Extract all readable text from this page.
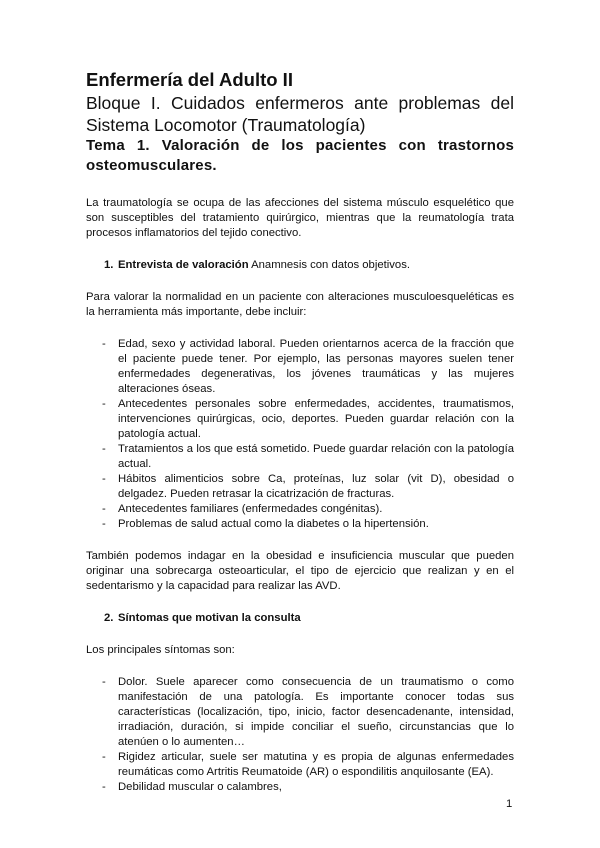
Enfermería del Adulto II
Bloque I. Cuidados enfermeros ante problemas del Sistema Locomotor (Traumatología)
Tema 1. Valoración de los pacientes con trastornos osteomusculares.

La traumatología se ocupa de las afecciones del sistema músculo esquelético que son susceptibles del tratamiento quirúrgico, mientras que la reumatología trata procesos inflamatorios del tejido conectivo.

1. Entrevista de valoración Anamnesis con datos objetivos.

Para valorar la normalidad en un paciente con alteraciones musculoesqueléticas es la herramienta más importante, debe incluir:

- Edad, sexo y actividad laboral. Pueden orientarnos acerca de la fracción que el paciente puede tener. Por ejemplo, las personas mayores suelen tener enfermedades degenerativas, los jóvenes traumáticas y las mujeres alteraciones óseas.
- Antecedentes personales sobre enfermedades, accidentes, traumatismos, intervenciones quirúrgicas, ocio, deportes. Pueden guardar relación con la patología actual.
- Tratamientos a los que está sometido. Puede guardar relación con la patología actual.
- Hábitos alimenticios sobre Ca, proteínas, luz solar (vit D), obesidad o delgadez. Pueden retrasar la cicatrización de fracturas.
- Antecedentes familiares (enfermedades congénitas).
- Problemas de salud actual como la diabetes o la hipertensión.

También podemos indagar en la obesidad e insuficiencia muscular que pueden originar una sobrecarga osteoarticular, el tipo de ejercicio que realizan y en el sedentarismo y la capacidad para realizar las AVD.

2. Síntomas que motivan la consulta

Los principales síntomas son:

- Dolor. Suele aparecer como consecuencia de un traumatismo o como manifestación de una patología. Es importante conocer todas sus características (localización, tipo, inicio, factor desencadenante, intensidad, irradiación, duración, si impide conciliar el sueño, circunstancias que lo atenúen o lo aumenten…
- Rigidez articular, suele ser matutina y es propia de algunas enfermedades reumáticas como Artritis Reumatoide (AR) o espondilitis anquilosante (EA).
- Debilidad muscular o calambres,
1
